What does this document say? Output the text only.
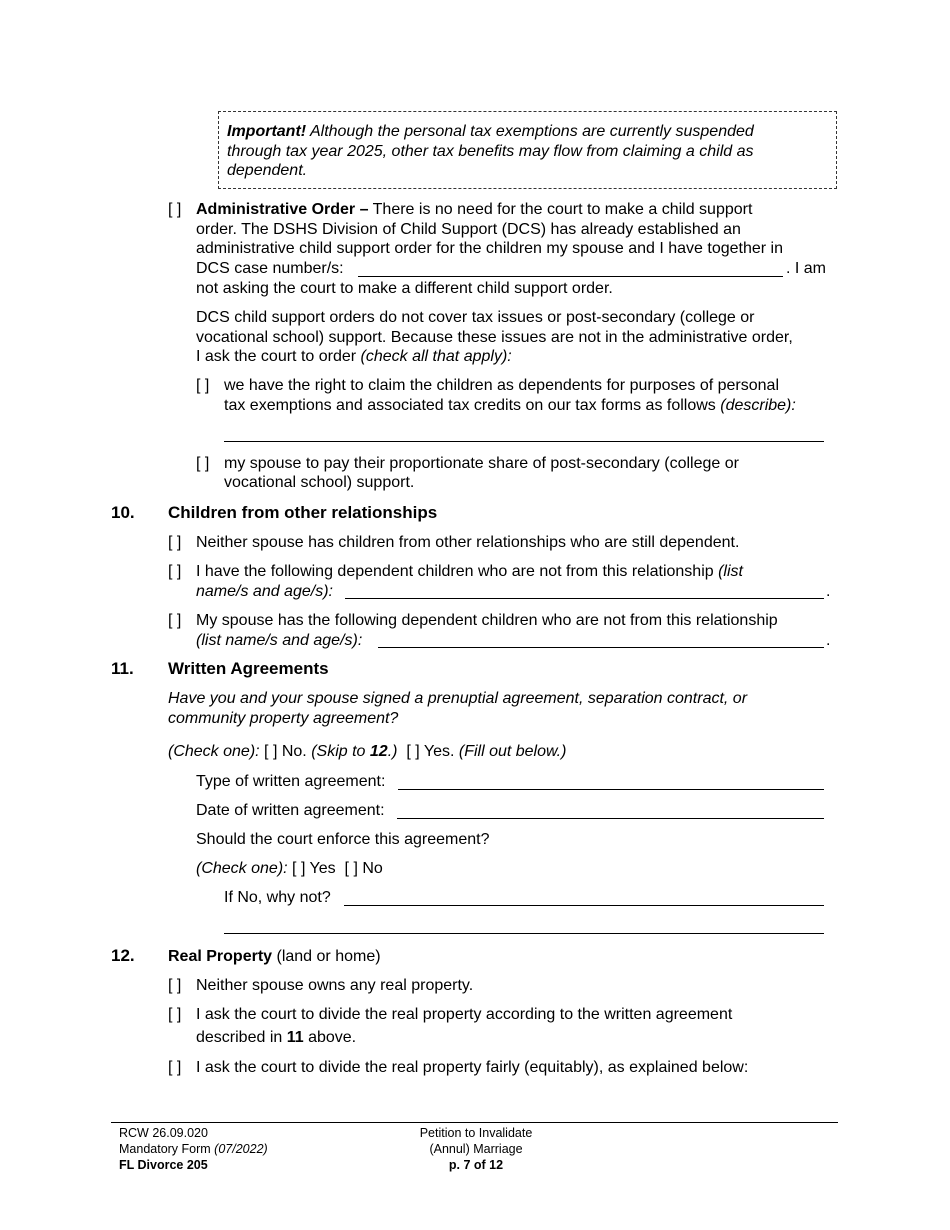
Important! Although the personal tax exemptions are currently suspended
through tax year 2025, other tax benefits may flow from claiming a child as
dependent.
[ ] Administrative Order – There is no need for the court to make a child support
order. The DSHS Division of Child Support (DCS) has already established an
administrative child support order for the children my spouse and I have together in
DCS case number/s:	. I am
not asking the court to make a different child support order.
DCS child support orders do not cover tax issues or post-secondary (college or
vocational school) support. Because these issues are not in the administrative order,
I ask the court to order (check all that apply):
[ ] we have the right to claim the children as dependents for purposes of personal
tax exemptions and associated tax credits on our tax forms as follows (describe):
[ ] my spouse to pay their proportionate share of post-secondary (college or
vocational school) support.
10. Children from other relationships
[ ] Neither spouse has children from other relationships who are still dependent.
[ ] I have the following dependent children who are not from this relationship (list
name/s and age/s):	.
[ ] My spouse has the following dependent children who are not from this relationship
(list name/s and age/s):	.
11. Written Agreements
Have you and your spouse signed a prenuptial agreement, separation contract, or
community property agreement?
(Check one): [ ] No. (Skip to 12.) [ ] Yes. (Fill out below.)
Type of written agreement:
Date of written agreement:
Should the court enforce this agreement?
(Check one): [ ] Yes [ ] No
If No, why not?
12. Real Property (land or home)
[ ] Neither spouse owns any real property.
[ ] I ask the court to divide the real property according to the written agreement
described in 11 above.
[ ] I ask the court to divide the real property fairly (equitably), as explained below:
RCW 26.09.020
Mandatory Form (07/2022)
FL Divorce 205
Petition to Invalidate
(Annul) Marriage
p. 7 of 12
